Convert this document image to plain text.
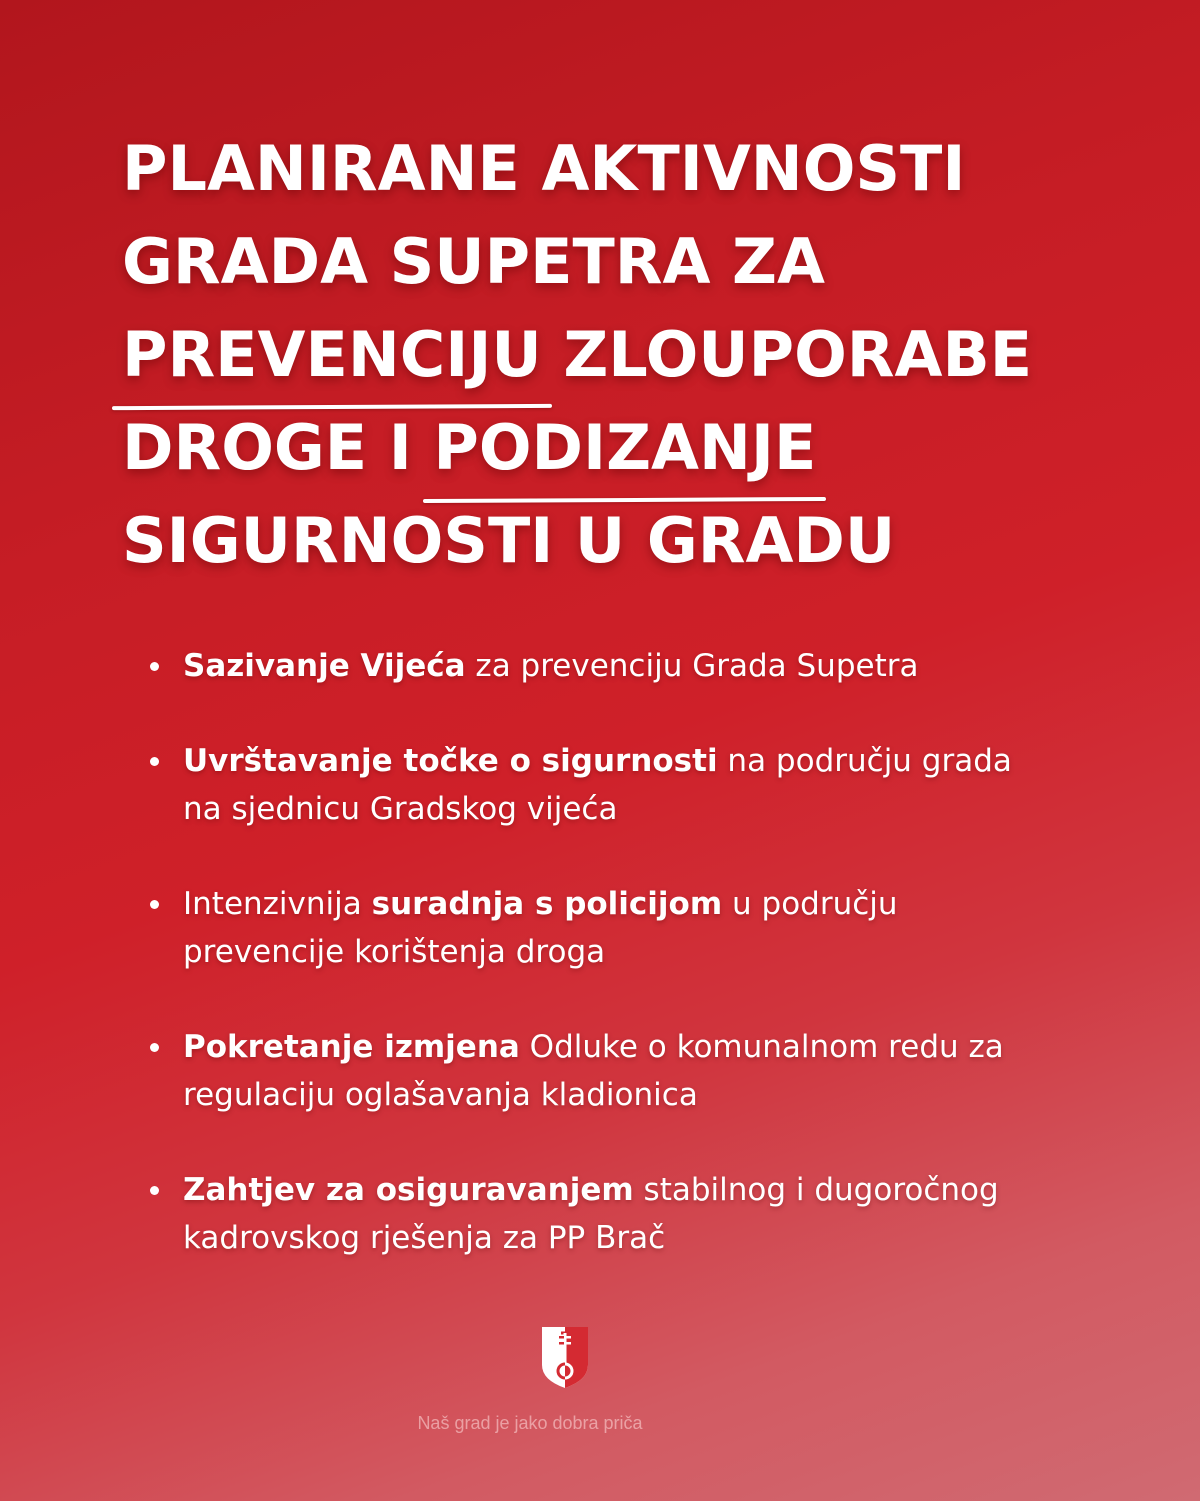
PLANIRANE AKTIVNOSTI
GRADA SUPETRA ZA
PREVENCIJU ZLOUPORABE
DROGE I PODIZANJE
SIGURNOSTI U GRADU
Sazivanje Vijeća za prevenciju Grada Supetra
Uvrštavanje točke o sigurnosti na području grada na sjednicu Gradskog vijeća
Intenzivnija suradnja s policijom u području prevencije korištenja droga
Pokretanje izmjena Odluke o komunalnom redu za regulaciju oglašavanja kladionica
Zahtjev za osiguravanjem stabilnog i dugoročnog kadrovskog rješenja za PP Brač
Naš grad je jako dobra priča
